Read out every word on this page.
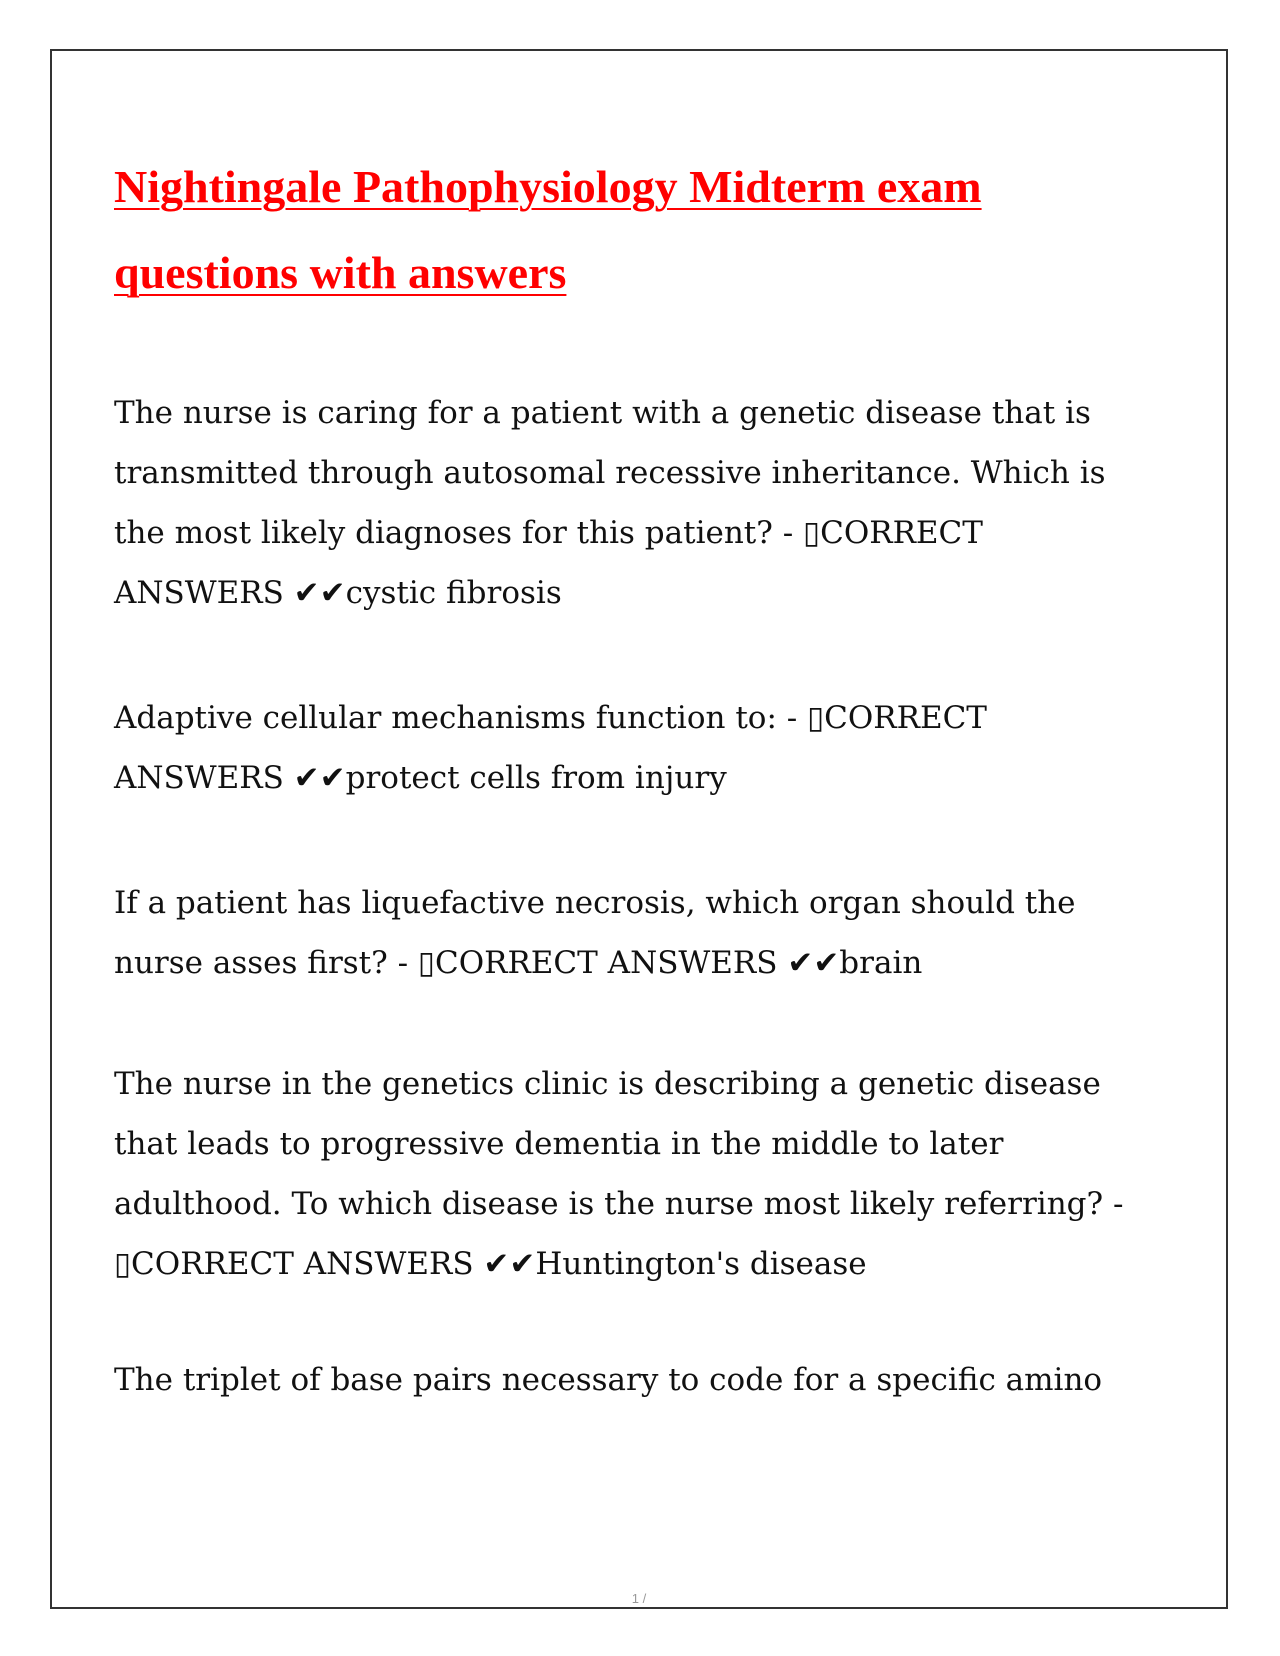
Nightingale Pathophysiology Midterm exam
questions with answers

The nurse is caring for a patient with a genetic disease that is
transmitted through autosomal recessive inheritance. Which is
the most likely diagnoses for this patient? - ▯CORRECT
ANSWERS ✔✔cystic fibrosis

Adaptive cellular mechanisms function to: - ▯CORRECT
ANSWERS ✔✔protect cells from injury

If a patient has liquefactive necrosis, which organ should the
nurse asses first? - ▯CORRECT ANSWERS ✔✔brain

The nurse in the genetics clinic is describing a genetic disease
that leads to progressive dementia in the middle to later
adulthood. To which disease is the nurse most likely referring? -
▯CORRECT ANSWERS ✔✔Huntington's disease

The triplet of base pairs necessary to code for a specific amino

1 /
